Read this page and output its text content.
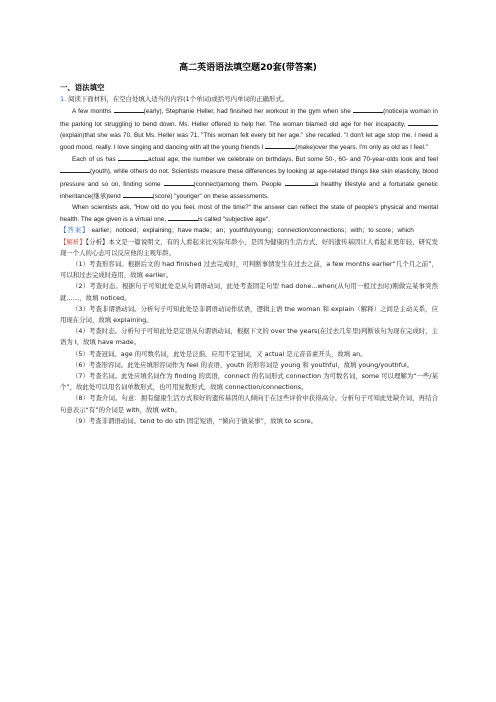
高二英语语法填空题20套(带答案)
一、语法填空

1. 阅读下面材料，在空白处填入适当的内容(1个单词)或括号内单词的正确形式。

A few months	(early), Stephanie Heller, had finished her workout in the gym when she	(notice)a woman in the parking lot struggling to bend down. Ms. Heller offered to help her. The woman blamed old age for her incapacity, (explain)that she was 70. But Ms. Heller was 71. "This woman felt every bit her age." she recalled. "I don't let age stop me. I need a good mood, really. I love singing and dancing with all the young friends I	(make)over the years. I'm only as old as I feel."

Each of us has	actual age, the number we celebrate on birthdays. But some 50-, 60- and 70-year-olds look and feel (youth), while others do not. Scientists measure these differences by looking at age-related things like skin elasticity, blood pressure and so on, finding some	(connect)among them. People	a healthy lifestyle and a fortunate genetic inheritance(继承)tend	(score) "younger" on these assessments.

When scientists ask, "How old do you feel, most of the time?" the answer can reflect the state of people's physical and mental health. The age given is a virtual one,	is called "subjective age".

【答案】 earlier；noticed；explaining；have made；an；youthful/young；connection/connections；with；to score；which

【解析】【分析】本文是一篇说明文，有的人看起来比实际年龄小，是因为健康的生活方式，好的遗传基因让人看起来更年轻，研究发现一个人的心态可以反应他的主观年龄。

（1）考查形容词。根据后文的 had finished 过去完成时，可判断事情发生在过去之前，a few months earlier“几个月之前”，可以和过去完成时连用，故填 earlier。

（2）考查时态。根据句子可知此处是从句谓语动词，此处考查固定句型 had done...when(从句用一般过去时)刚做完某事突然就……，故填 noticed。

（3）考查非谓语动词。分析句子可知此处是非谓语动词作状语，逻辑主语 the woman 和 explain（解释）之间是主动关系，应用现在分词，故填 explaining。

（4）考查时态。分析句子可知此处是定语从句谓语动词，根据下文的 over the years(在过去几年里)判断该句为现在完成时，主语为 I，故填 have made。

（5）考查冠词。age 的可数名词，此处是泛指，应用不定冠词，又 actual 是元音音素开头，故填 an。

（6）考查形容词。此处应填形容词作为 feel 的表语，youth 的形容词是 young 和 youthful，故填 young/youthful。

（7）考查名词。此处应填名词作为 finding 的宾语，connect 的名词形式 connection 为可数名词，some 可以理解为“一些/某个”，故此处可以用名词单数形式，也可用复数形式，故填 connection/connections。

（8）考查介词。句意：拥有健康生活方式和好的遗传基因的人倾向于在这些评价中获得高分。分析句子可知此处缺介词，再结合句意表示“有”的介词是 with，故填 with。

（9）考查非谓语动词。tend to do sth 固定短语，“倾向于做某事”，故填 to score。
